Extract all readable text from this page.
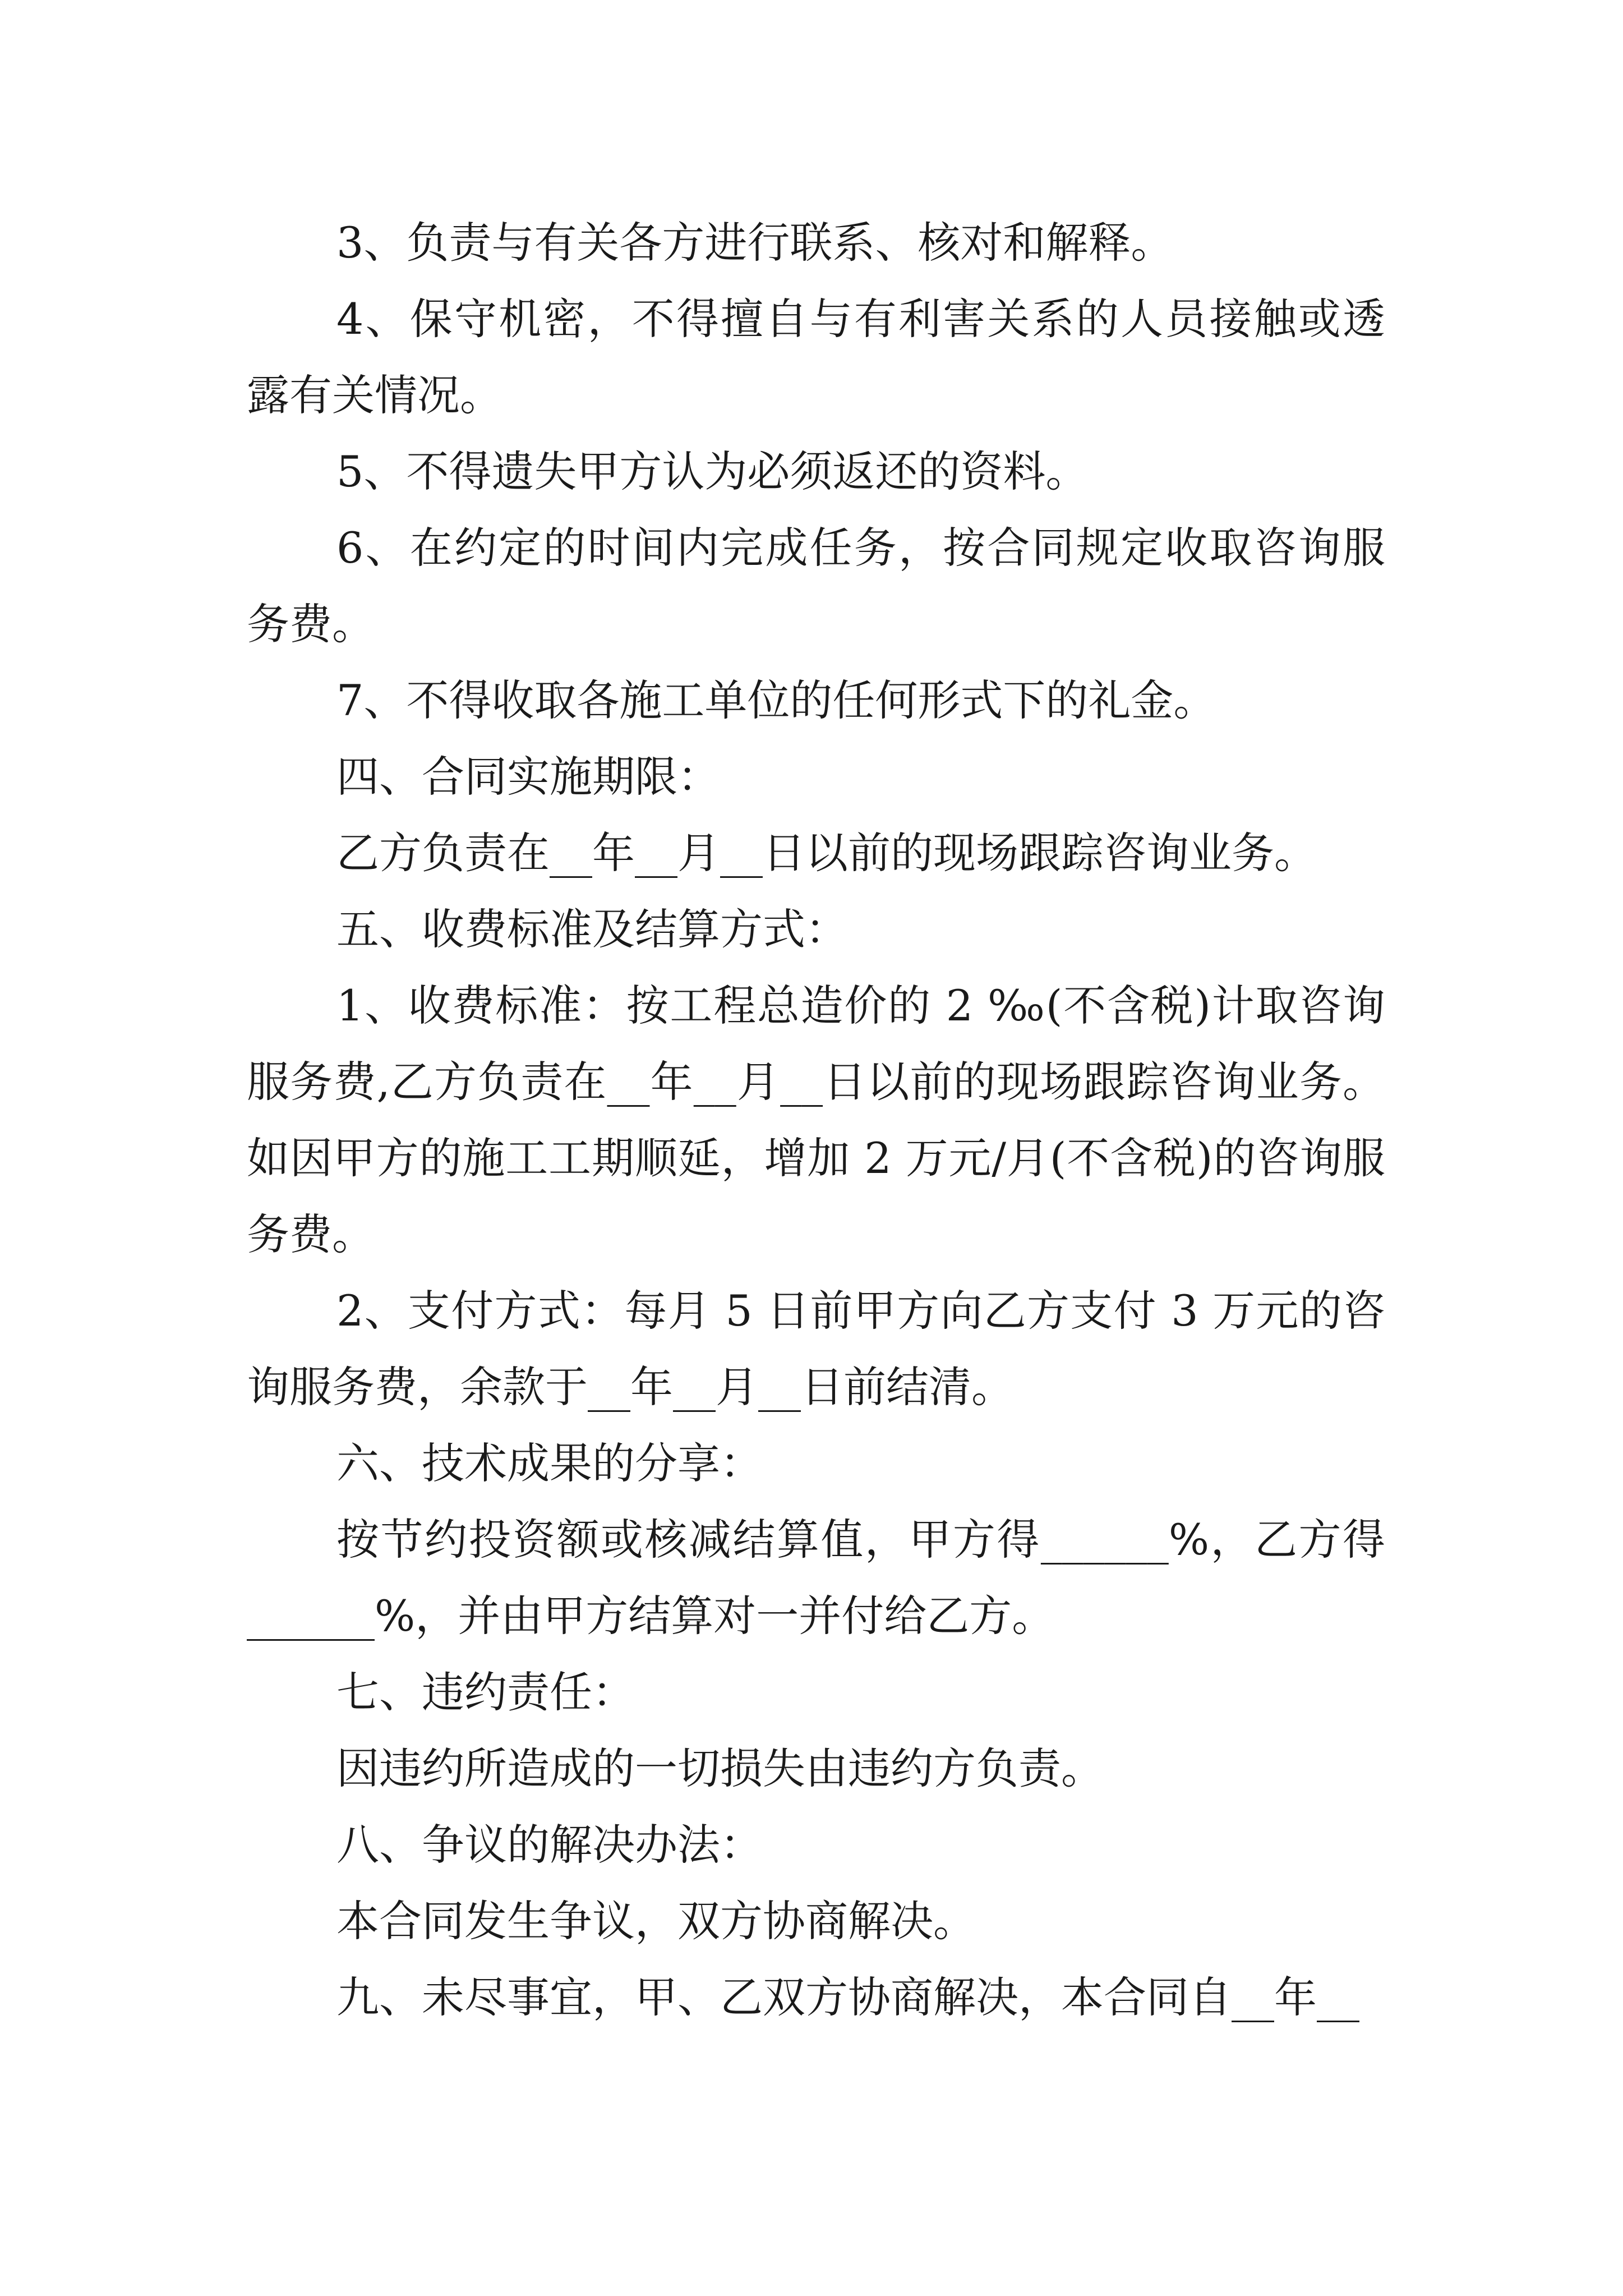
3、负责与有关各方进行联系、核对和解释。

4、保守机密，不得擅自与有利害关系的人员接触或透露有关情况。

5、不得遗失甲方认为必须返还的资料。

6、在约定的时间内完成任务，按合同规定收取咨询服务费。

7、不得收取各施工单位的任何形式下的礼金。

四、合同实施期限：

乙方负责在__年__月__日以前的现场跟踪咨询业务。

五、收费标准及结算方式：

1、收费标准：按工程总造价的 2 ‰(不含税)计取咨询服务费,乙方负责在__年__月__日以前的现场跟踪咨询业务。如因甲方的施工工期顺延，增加 2 万元/月(不含税)的咨询服务费。

2、支付方式：每月 5 日前甲方向乙方支付 3 万元的咨询服务费，余款于__年__月__日前结清。

六、技术成果的分享：

按节约投资额或核减结算值，甲方得______%，乙方得______%，并由甲方结算对一并付给乙方。

七、违约责任：

因违约所造成的一切损失由违约方负责。

八、争议的解决办法：

本合同发生争议，双方协商解决。

九、未尽事宜，甲、乙双方协商解决，本合同自__年__
